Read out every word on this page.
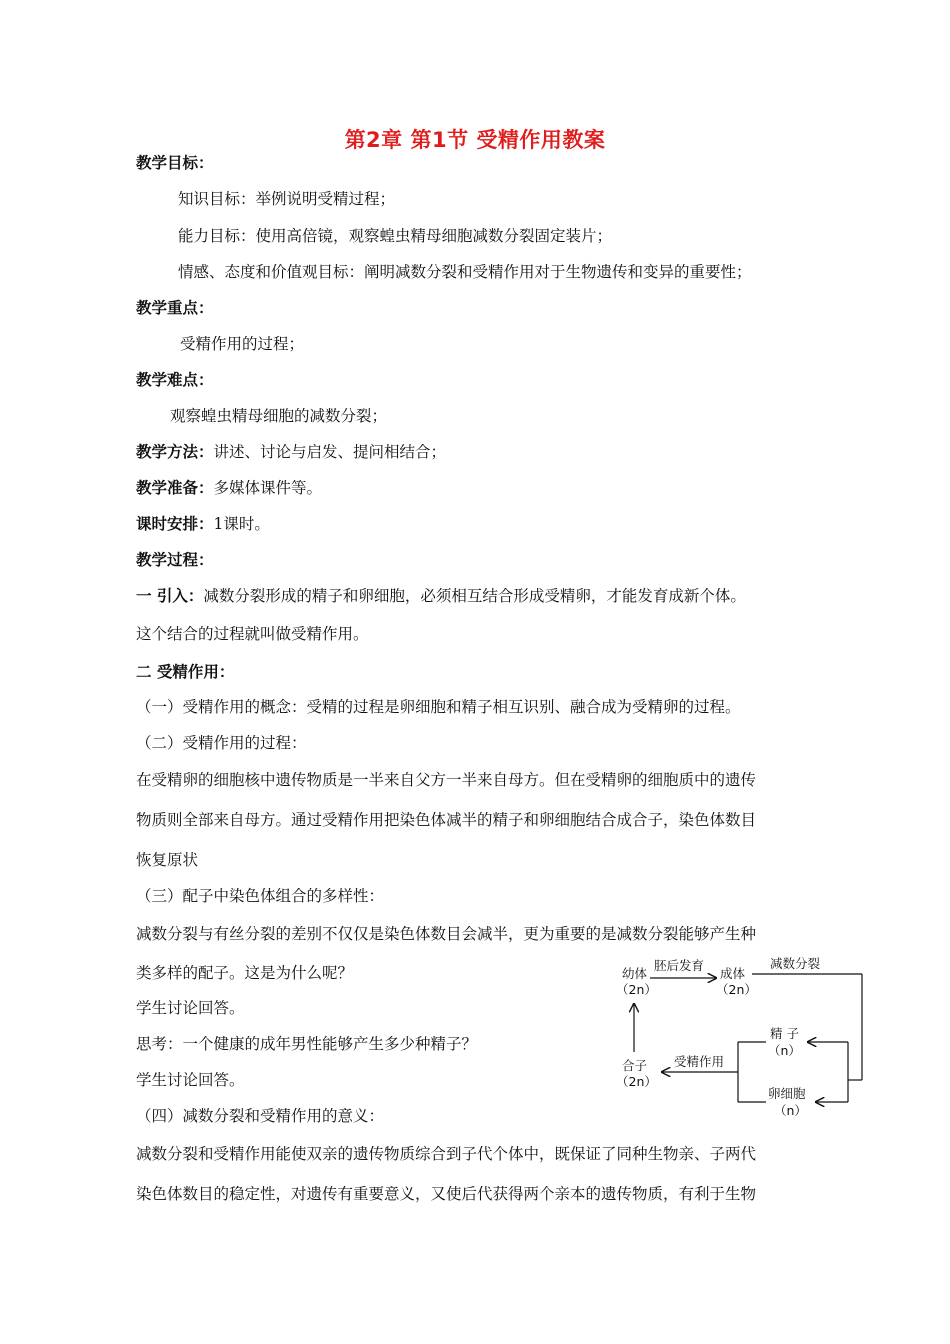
第2章 第1节 受精作用教案
教学目标：
知识目标：举例说明受精过程；
能力目标：使用高倍镜，观察蝗虫精母细胞减数分裂固定装片；
情感、态度和价值观目标：阐明减数分裂和受精作用对于生物遗传和变异的重要性；
教学重点：
受精作用的过程；
教学难点：
观察蝗虫精母细胞的减数分裂；
教学方法：讲述、讨论与启发、提问相结合；
教学准备：多媒体课件等。
课时安排：1课时。
教学过程：
一 引入：减数分裂形成的精子和卵细胞，必须相互结合形成受精卵，才能发育成新个体。
这个结合的过程就叫做受精作用。
二 受精作用：
（一）受精作用的概念：受精的过程是卵细胞和精子相互识别、融合成为受精卵的过程。
（二）受精作用的过程：
在受精卵的细胞核中遗传物质是一半来自父方一半来自母方。但在受精卵的细胞质中的遗传
物质则全部来自母方。通过受精作用把染色体减半的精子和卵细胞结合成合子，染色体数目
恢复原状
（三）配子中染色体组合的多样性：
减数分裂与有丝分裂的差别不仅仅是染色体数目会减半，更为重要的是减数分裂能够产生种
类多样的配子。这是为什么呢？
学生讨论回答。
思考：一个健康的成年男性能够产生多少种精子？
学生讨论回答。
（四）减数分裂和受精作用的意义：
减数分裂和受精作用能使双亲的遗传物质综合到子代个体中，既保证了同种生物亲、子两代
染色体数目的稳定性，对遗传有重要意义，又使后代获得两个亲本的遗传物质，有利于生物
幼体
（2n）
胚后发育
成体
（2n）
减数分裂
精 子
（n）
卵细胞
（n）
受精作用
合子
（2n）
